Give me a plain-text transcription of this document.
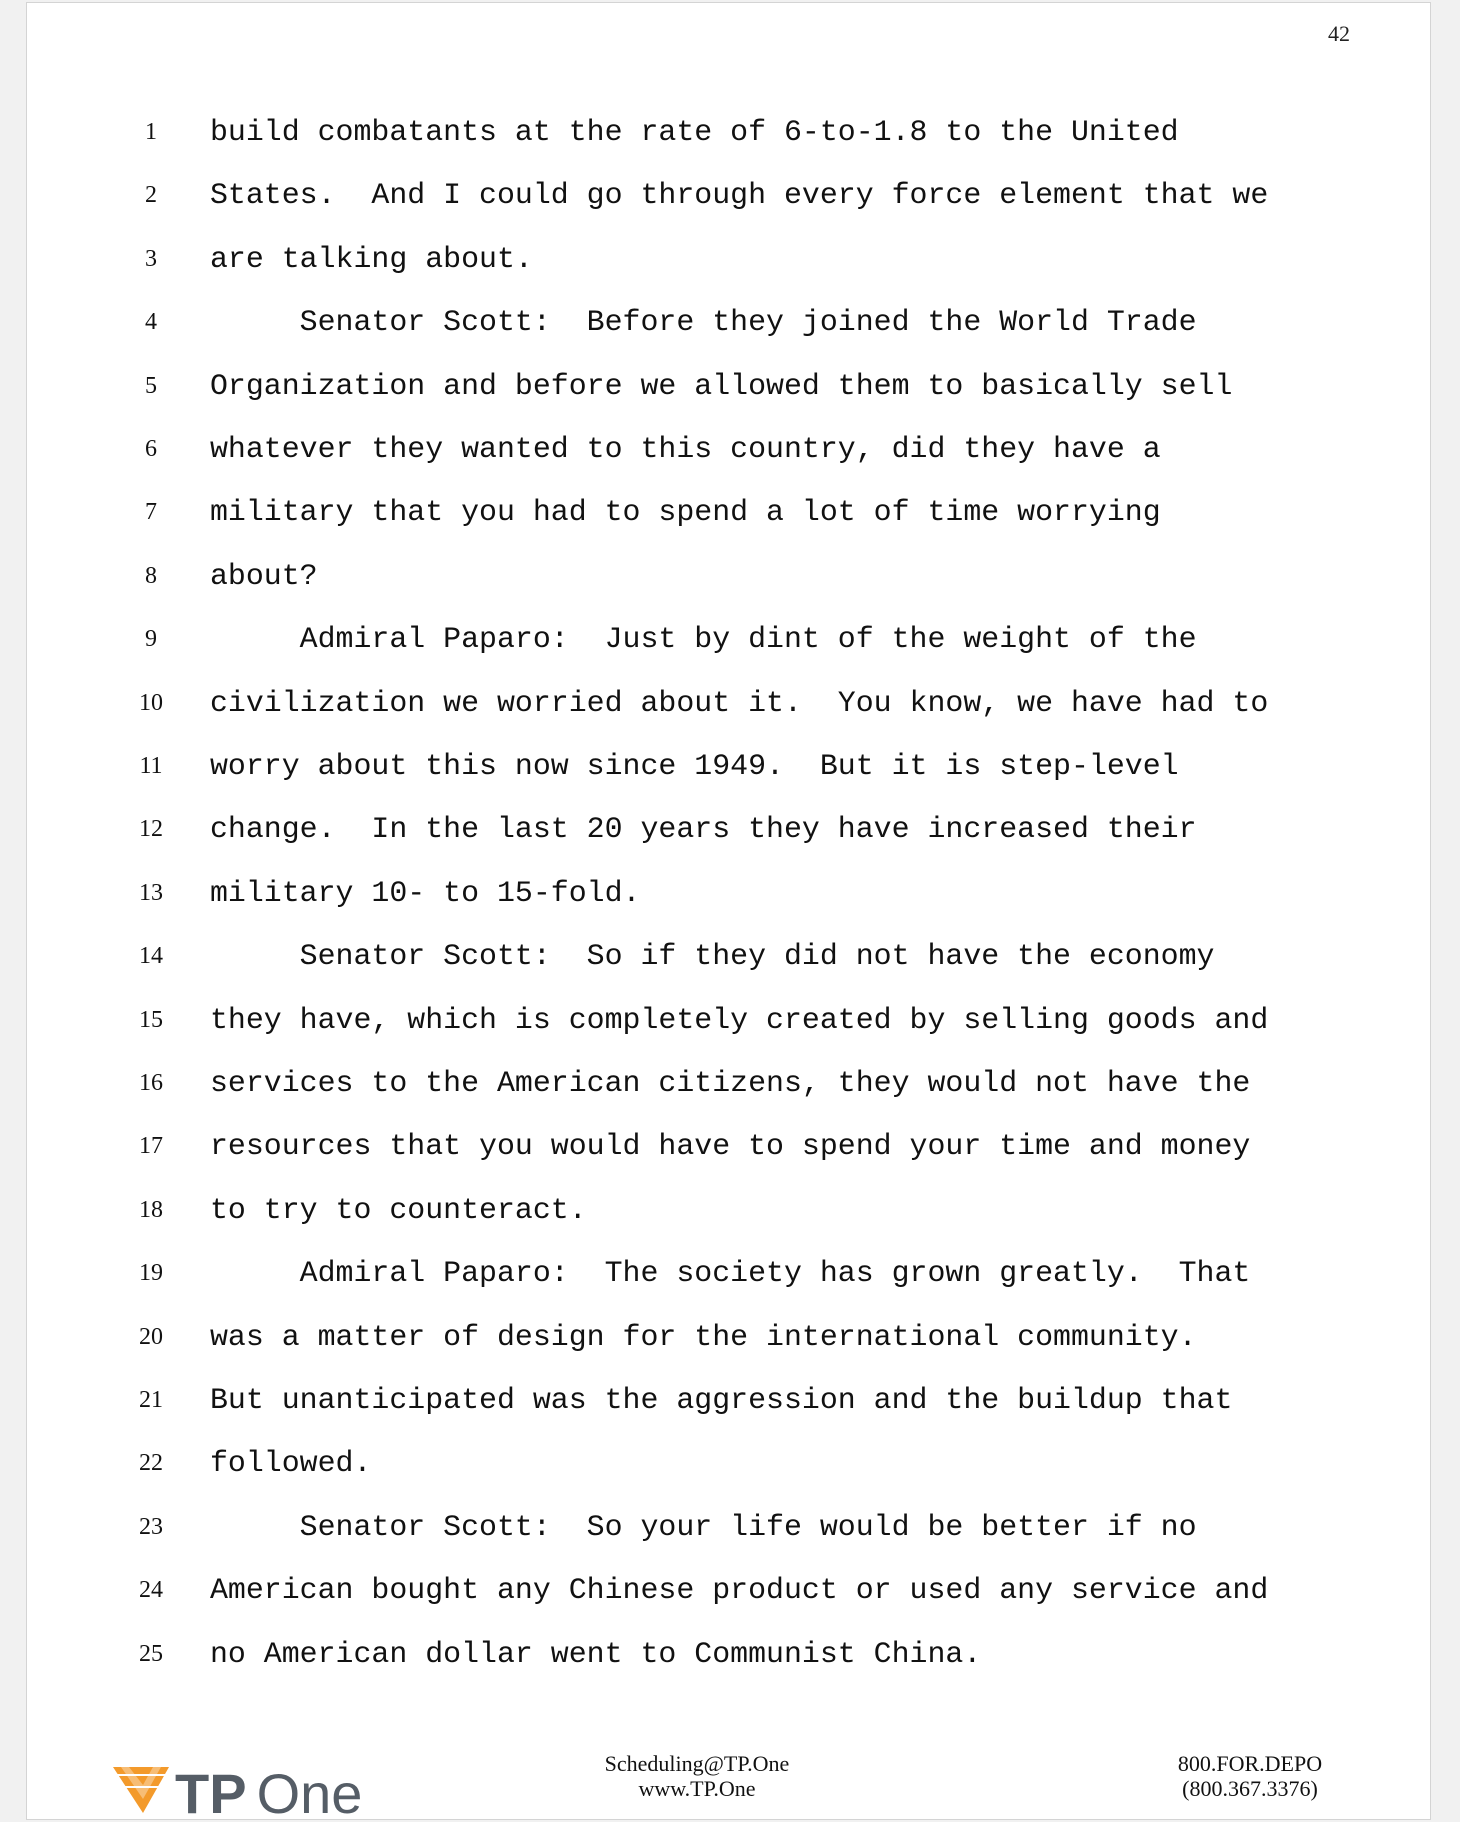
42
1	build combatants at the rate of 6-to-1.8 to the United
2	States.  And I could go through every force element that we
3	are talking about.
4	Senator Scott:  Before they joined the World Trade
5	Organization and before we allowed them to basically sell
6	whatever they wanted to this country, did they have a
7	military that you had to spend a lot of time worrying
8	about?
9	Admiral Paparo:  Just by dint of the weight of the
10	civilization we worried about it.  You know, we have had to
11	worry about this now since 1949.  But it is step-level
12	change.  In the last 20 years they have increased their
13	military 10- to 15-fold.
14	Senator Scott:  So if they did not have the economy
15	they have, which is completely created by selling goods and
16	services to the American citizens, they would not have the
17	resources that you would have to spend your time and money
18	to try to counteract.
19	Admiral Paparo:  The society has grown greatly.  That
20	was a matter of design for the international community.
21	But unanticipated was the aggression and the buildup that
22	followed.
23	Senator Scott:  So your life would be better if no
24	American bought any Chinese product or used any service and
25	no American dollar went to Communist China.
TP One	Scheduling@TP.One
www.TP.One
800.FOR.DEPO
(800.367.3376)
